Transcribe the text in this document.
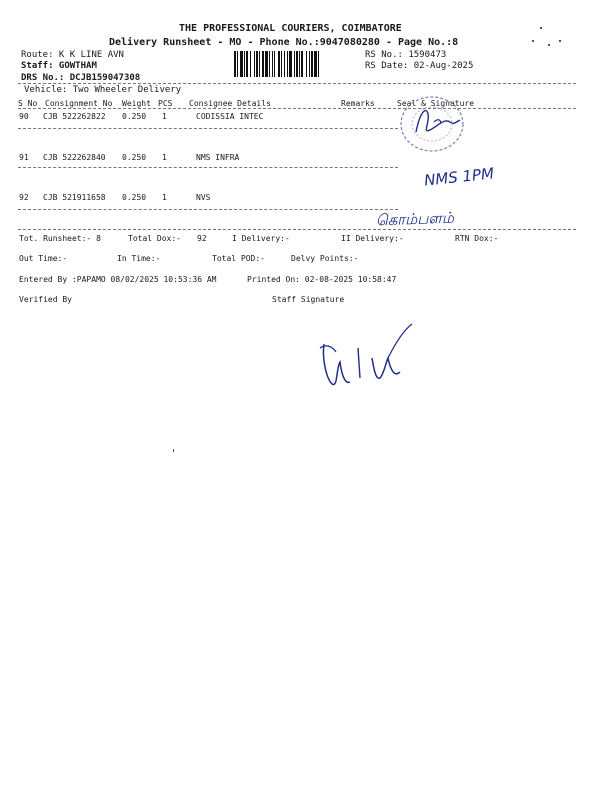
THE PROFESSIONAL COURIERS, COIMBATORE
Delivery Runsheet - MO - Phone No.:9047080280 - Page No.:8
Route: K K LINE AVN
Staff: GOWTHAM
DRS No.: DCJB159047308
RS No.: 1590473
RS Date: 02-Aug-2025
Vehicle: Two Wheeler Delivery
S No Consignment No Weight PCS Consignee Details	Remarks	Seal & Signature
90 CJB 522262822 0.250 1	CODISSIA INTEC
91 CJB 522262840 0.250 1	NMS INFRA
92 CJB 521911658 0.250 1	NVS
Tot. Runsheet:- 8	Total Dox:- 92	I Delivery:-	II Delivery:-	RTN Dox:-
Out Time:-	In Time:-	Total POD:-	Delvy Points:-
Entered By :PAPAMO 08/02/2025 10:53:36 AM	Printed On: 02-08-2025 10:58:47
Verified By	Staff Signature
NMS 1PM
கொம்பளம்
